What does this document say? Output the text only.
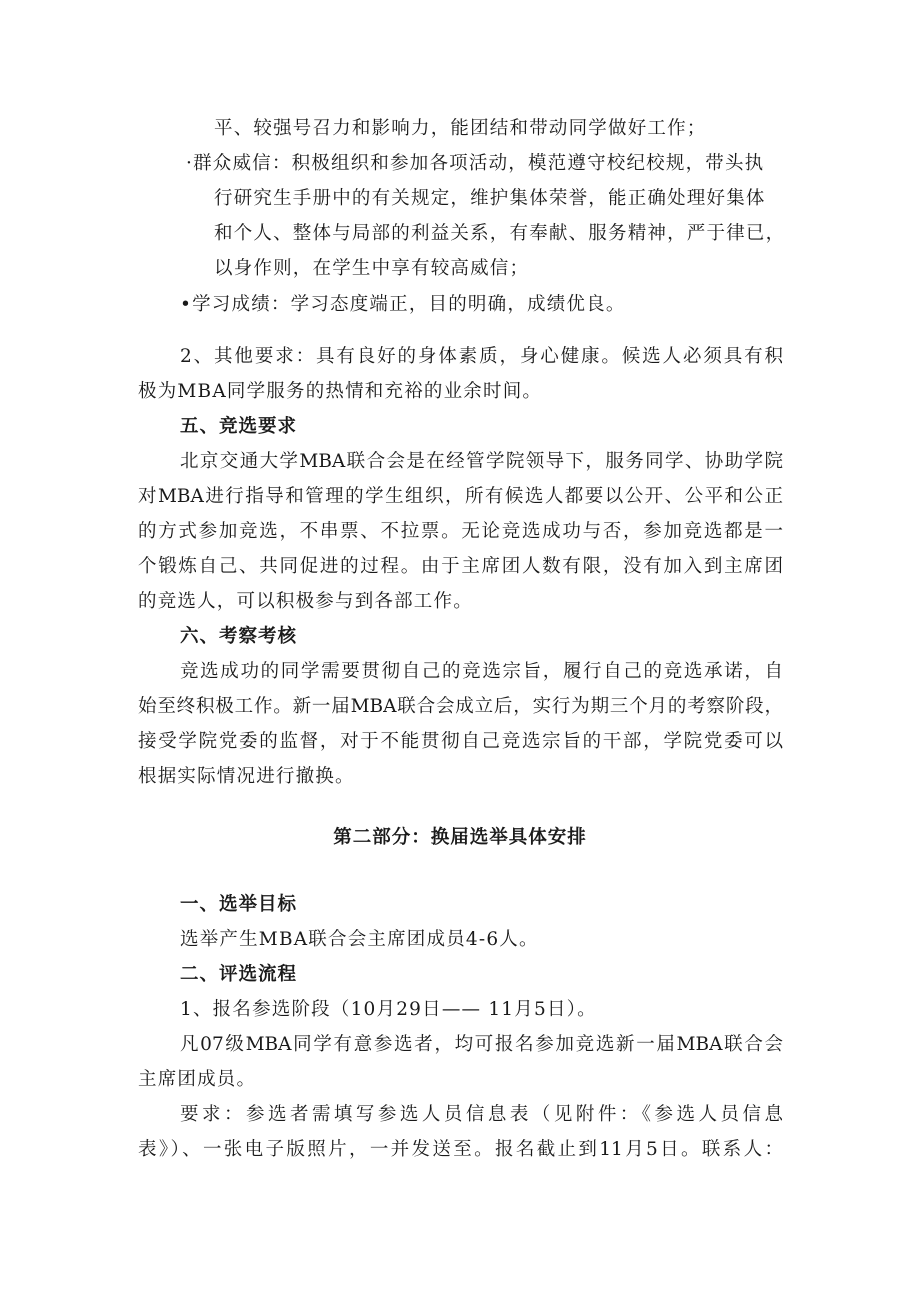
平、较强号召力和影响力，能团结和带动同学做好工作；
·群众威信：积极组织和参加各项活动，模范遵守校纪校规，带头执
行研究生手册中的有关规定，维护集体荣誉，能正确处理好集体
和个人、整体与局部的利益关系，有奉献、服务精神，严于律已，
以身作则，在学生中享有较高威信；
•学习成绩：学习态度端正，目的明确，成绩优良。
2、其他要求：具有良好的身体素质，身心健康。候选人必须具有积
极为MBA同学服务的热情和充裕的业余时间。
五、竞选要求
北京交通大学MBA联合会是在经管学院领导下，服务同学、协助学院
对MBA进行指导和管理的学生组织，所有候选人都要以公开、公平和公正
的方式参加竞选，不串票、不拉票。无论竞选成功与否，参加竞选都是一
个锻炼自己、共同促进的过程。由于主席团人数有限，没有加入到主席团
的竞选人，可以积极参与到各部工作。
六、考察考核
竞选成功的同学需要贯彻自己的竞选宗旨，履行自己的竞选承诺，自
始至终积极工作。新一届MBA联合会成立后，实行为期三个月的考察阶段，
接受学院党委的监督，对于不能贯彻自己竞选宗旨的干部，学院党委可以
根据实际情况进行撤换。
第二部分：换届选举具体安排
一、选举目标
选举产生MBA联合会主席团成员4-6人。
二、评选流程
1、报名参选阶段（10月29日—— 11月5日）。
凡07级MBA同学有意参选者，均可报名参加竞选新一届MBA联合会
主席团成员。
要求：参选者需填写参选人员信息表（见附件：《参选人员信息
表》）、一张电子版照片，一并发送至。报名截止到11月5日。联系人：
